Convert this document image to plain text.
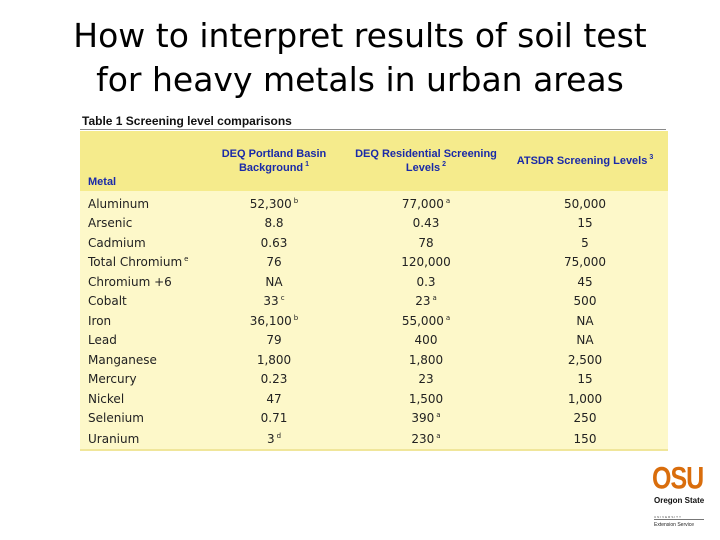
How to interpret results of soil test
for heavy metals in urban areas
Table 1 Screening level comparisons
Metal	DEQ Portland Basin Background $^1$	DEQ Residential Screening Levels $^2$	ATSDR Screening Levels $^3$

Aluminum	52,300 $^b$	77,000 $^a$	50,000
Arsenic	8.8	0.43	15
Cadmium	0.63	78	5
Total Chromium $^e$	76	120,000	75,000
Chromium +6	NA	0.3	45
Cobalt	33 $^c$	23 $^a$	500
Iron	36,100 $^b$	55,000 $^a$	NA
Lead	79	400	NA
Manganese	1,800	1,800	2,500
Mercury	0.23	23	15
Nickel	47	1,500	1,000
Selenium	0.71	390 $^a$	250
Uranium	3 $^d$	230 $^a$	150
OSU
Oregon State
UNIVERSITY
Extension Service
